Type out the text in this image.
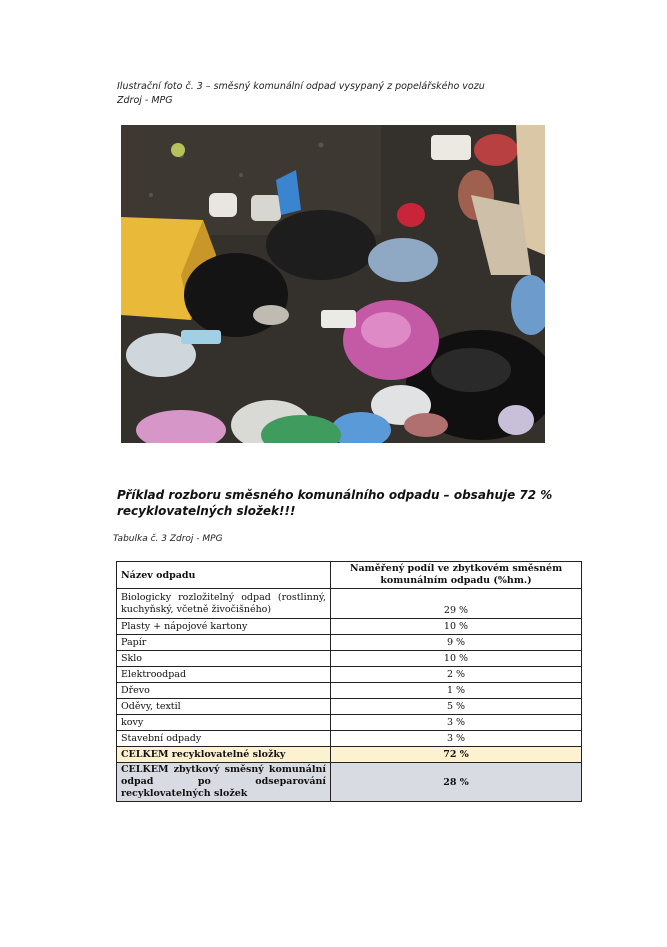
Ilustrační foto č. 3 – směsný komunální odpad vysypaný z popelářského vozu
Zdroj - MPG
Příklad rozboru směsného komunálního odpadu – obsahuje 72 % recyklovatelných složek!!!
Tabulka č. 3 Zdroj - MPG
Název odpadu	Naměřený podíl ve zbytkovém směsném komunálním odpadu (%hm.)
Biologicky rozložitelný odpad (rostlinný, kuchyňský, včetně živočišného)	29 %
Plasty + nápojové kartony	10 %
Papír	9 %
Sklo	10 %
Elektroodpad	2 %
Dřevo	1 %
Oděvy, textil	5 %
kovy	3 %
Stavební odpady	3 %
CELKEM recyklovatelné složky	72 %
CELKEM zbytkový směsný komunální odpad po odseparování recyklovatelných složek	28 %
